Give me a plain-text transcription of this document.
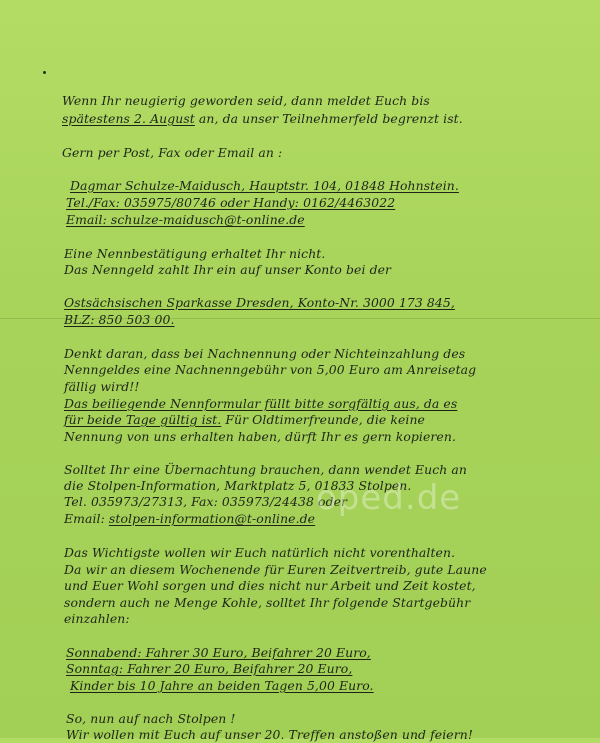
Wenn Ihr neugierig geworden seid, dann meldet Euch bis
spätestens 2. August an, da unser Teilnehmerfeld begrenzt ist.
Gern per Post, Fax oder Email an :
Dagmar Schulze-Maidusch, Hauptstr. 104, 01848 Hohnstein.
Tel./Fax: 035975/80746 oder Handy: 0162/4463022
Email: schulze-maidusch@t-online.de
Eine Nennbestätigung erhaltet Ihr nicht.
Das Nenngeld zahlt Ihr ein auf unser Konto bei der
Ostsächsischen Sparkasse Dresden, Konto-Nr. 3000 173 845,
BLZ: 850 503 00.
Denkt daran, dass bei Nachnennung oder Nichteinzahlung des
Nenngeldes eine Nachnenngebühr von 5,00 Euro am Anreisetag
fällig wird!!
Das beiliegende Nennformular füllt bitte sorgfältig aus, da es
für beide Tage gültig ist. Für Oldtimerfreunde, die keine
Nennung von uns erhalten haben, dürft Ihr es gern kopieren.
Solltet Ihr eine Übernachtung brauchen, dann wendet Euch an
die Stolpen-Information, Marktplatz 5, 01833 Stolpen.
Tel. 035973/27313, Fax: 035973/24438 oder
Email: stolpen-information@t-online.de
oped.de
Das Wichtigste wollen wir Euch natürlich nicht vorenthalten.
Da wir an diesem Wochenende für Euren Zeitvertreib, gute Laune
und Euer Wohl sorgen und dies nicht nur Arbeit und Zeit kostet,
sondern auch ne Menge Kohle, solltet Ihr folgende Startgebühr
einzahlen:
Sonnabend: Fahrer 30 Euro, Beifahrer 20 Euro,
Sonntag: Fahrer 20 Euro, Beifahrer 20 Euro,
Kinder bis 10 Jahre an beiden Tagen 5,00 Euro.
So, nun auf nach Stolpen !
Wir wollen mit Euch auf unser 20. Treffen anstoßen und feiern!
